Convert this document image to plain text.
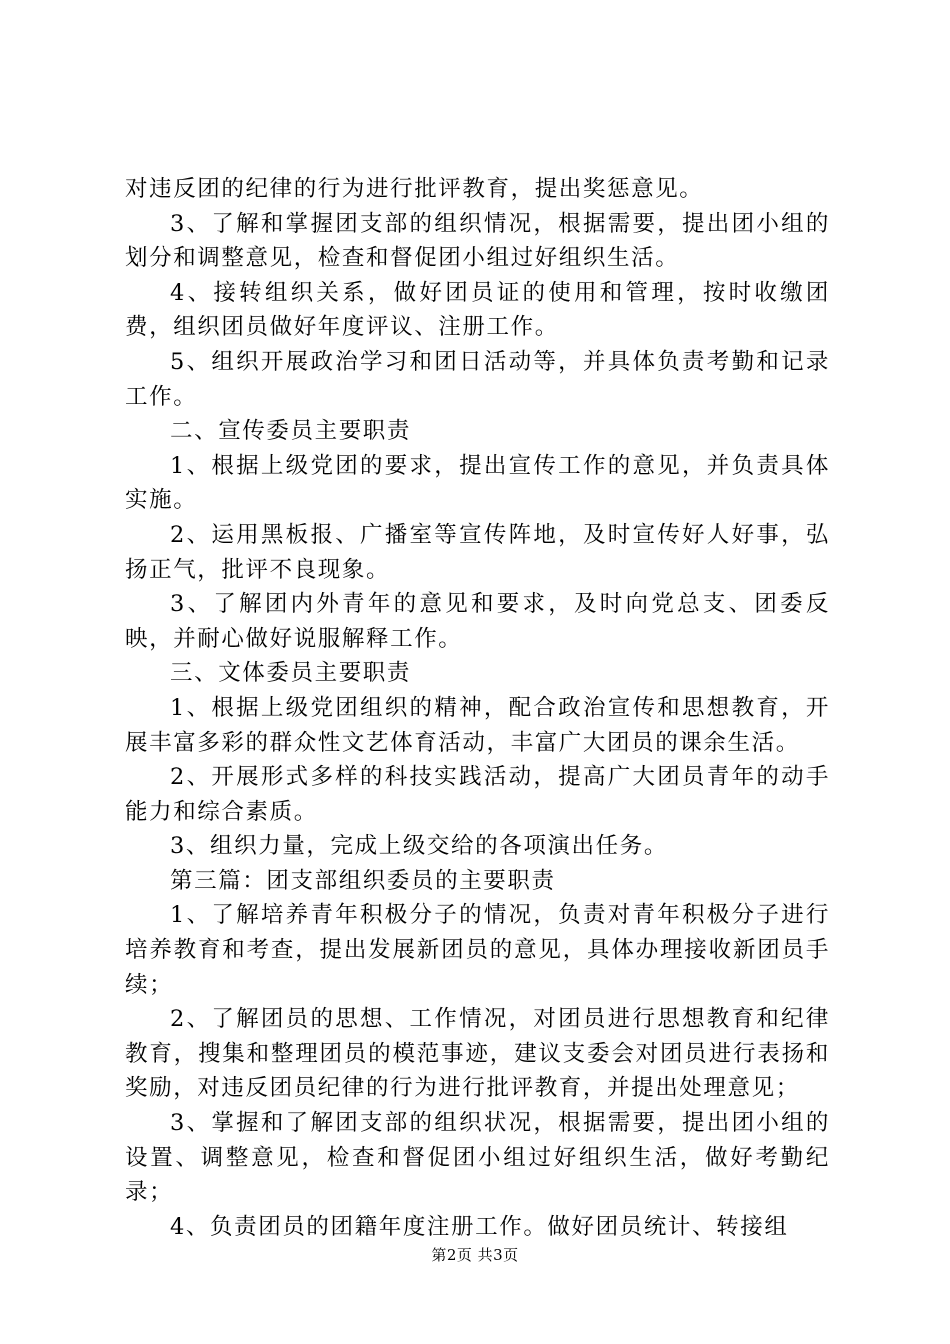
对违反团的纪律的行为进行批评教育，提出奖惩意见。

3、了解和掌握团支部的组织情况，根据需要，提出团小组的划分和调整意见，检查和督促团小组过好组织生活。

4、接转组织关系，做好团员证的使用和管理，按时收缴团费，组织团员做好年度评议、注册工作。

5、组织开展政治学习和团日活动等，并具体负责考勤和记录工作。

二、宣传委员主要职责

1、根据上级党团的要求，提出宣传工作的意见，并负责具体实施。

2、运用黑板报、广播室等宣传阵地，及时宣传好人好事，弘扬正气，批评不良现象。

3、了解团内外青年的意见和要求，及时向党总支、团委反映，并耐心做好说服解释工作。

三、文体委员主要职责

1、根据上级党团组织的精神，配合政治宣传和思想教育，开展丰富多彩的群众性文艺体育活动，丰富广大团员的课余生活。

2、开展形式多样的科技实践活动，提高广大团员青年的动手能力和综合素质。

3、组织力量，完成上级交给的各项演出任务。

第三篇：团支部组织委员的主要职责

1、了解培养青年积极分子的情况，负责对青年积极分子进行培养教育和考查，提出发展新团员的意见，具体办理接收新团员手续；

2、了解团员的思想、工作情况，对团员进行思想教育和纪律教育，搜集和整理团员的模范事迹，建议支委会对团员进行表扬和奖励，对违反团员纪律的行为进行批评教育，并提出处理意见；

3、掌握和了解团支部的组织状况，根据需要，提出团小组的设置、调整意见，检查和督促团小组过好组织生活，做好考勤纪录；

4、负责团员的团籍年度注册工作。做好团员统计、转接组

第2页 共3页
